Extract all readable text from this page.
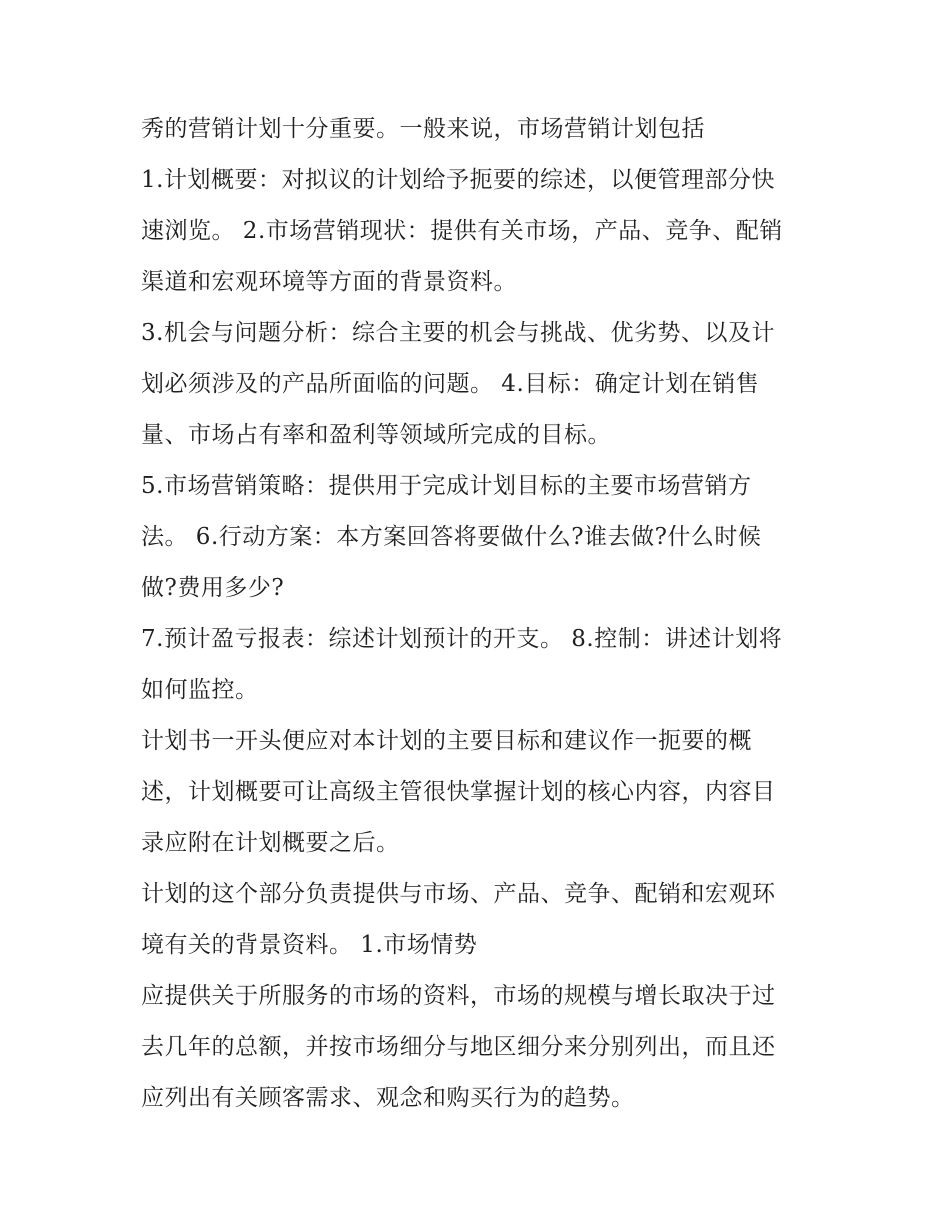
秀的营销计划十分重要。一般来说，市场营销计划包括
1.计划概要：对拟议的计划给予扼要的综述，以便管理部分快
速浏览。 2.市场营销现状：提供有关市场，产品、竞争、配销
渠道和宏观环境等方面的背景资料。
3.机会与问题分析：综合主要的机会与挑战、优劣势、以及计
划必须涉及的产品所面临的问题。 4.目标：确定计划在销售
量、市场占有率和盈利等领域所完成的目标。
5.市场营销策略：提供用于完成计划目标的主要市场营销方
法。 6.行动方案：本方案回答将要做什么?谁去做?什么时候
做?费用多少?
7.预计盈亏报表：综述计划预计的开支。 8.控制：讲述计划将
如何监控。
计划书一开头便应对本计划的主要目标和建议作一扼要的概
述，计划概要可让高级主管很快掌握计划的核心内容，内容目
录应附在计划概要之后。
计划的这个部分负责提供与市场、产品、竞争、配销和宏观环
境有关的背景资料。 1.市场情势
应提供关于所服务的市场的资料，市场的规模与增长取决于过
去几年的总额，并按市场细分与地区细分来分别列出，而且还
应列出有关顾客需求、观念和购买行为的趋势。
